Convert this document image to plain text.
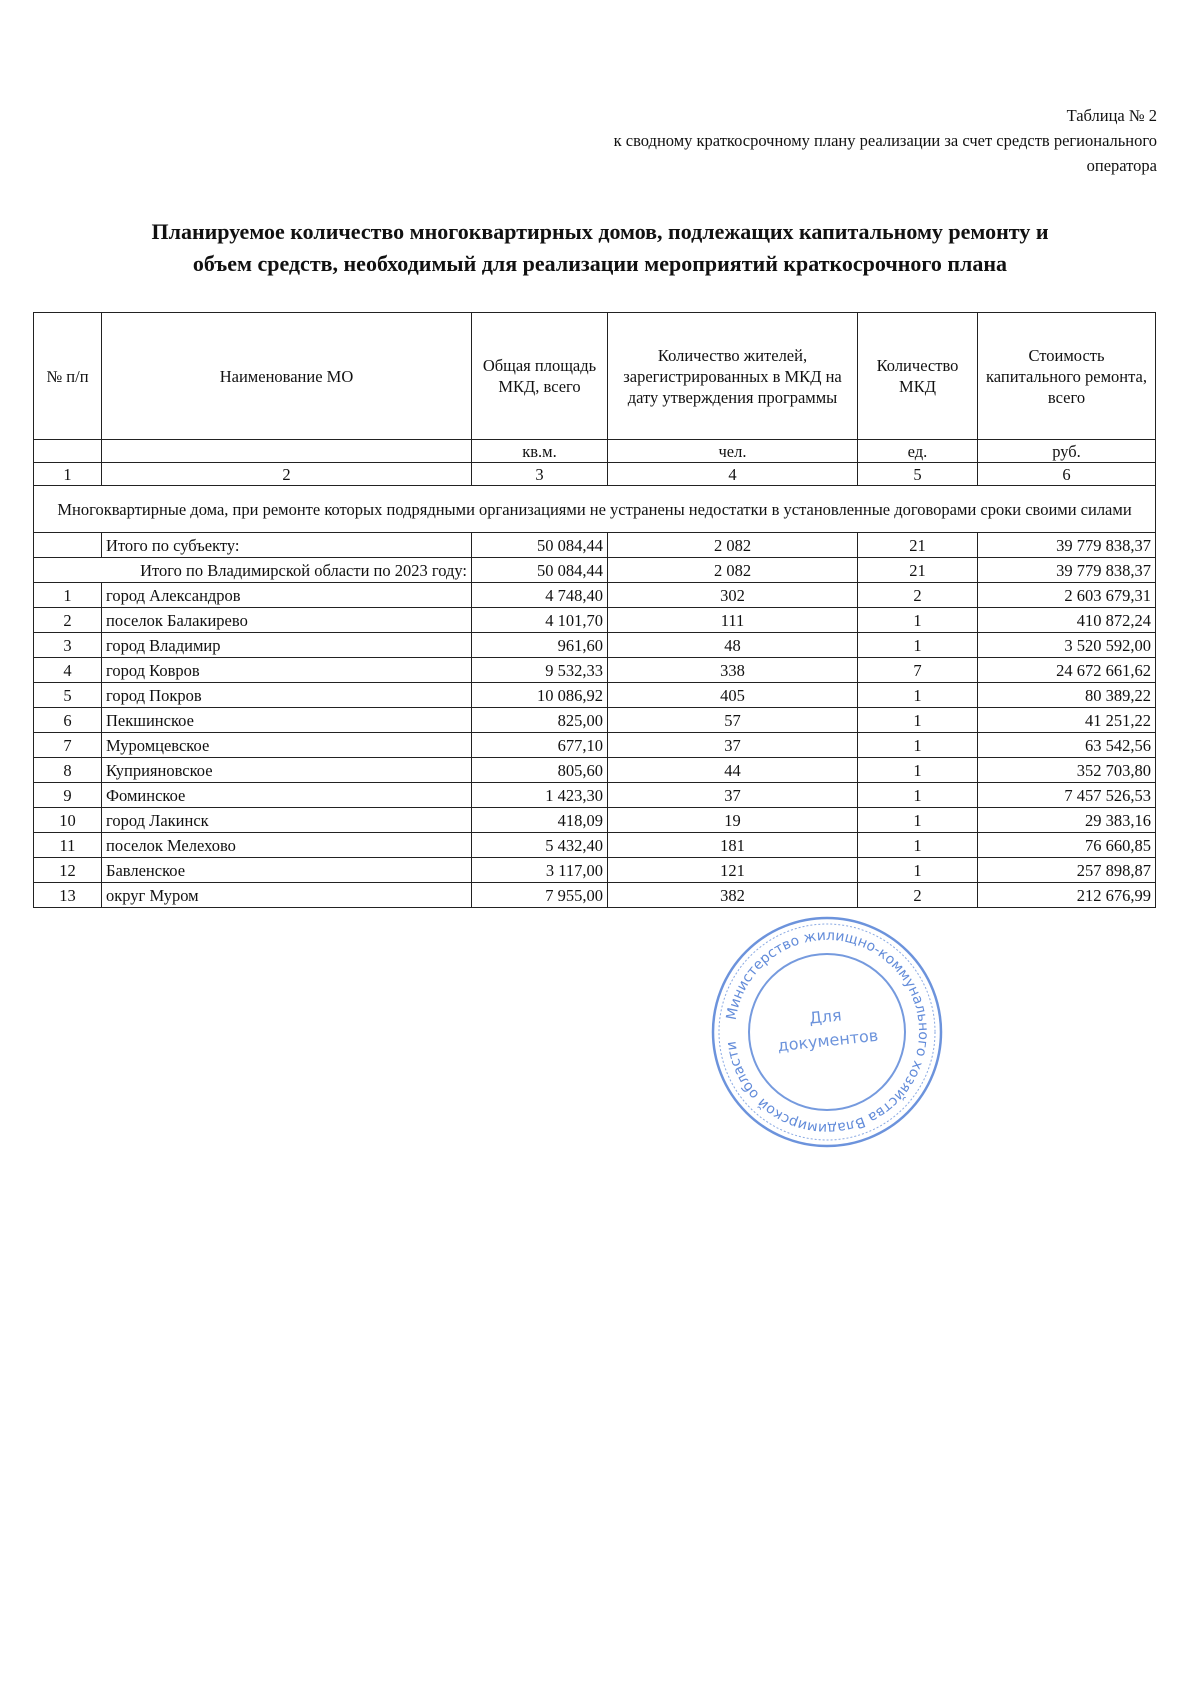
Таблица № 2
к сводному краткосрочному плану реализации за счет средств регионального
оператора
Планируемое количество многоквартирных домов, подлежащих капитальному ремонту и
объем средств, необходимый для реализации мероприятий краткосрочного плана
№ п/п	Наименование МО	Общая площадь МКД, всего	Количество жителей, зарегистрированных в МКД на дату утверждения программы	Количество МКД	Стоимость капитального ремонта, всего
		кв.м.	чел.	ед.	руб.
1	2	3	4	5	6
Многоквартирные дома, при ремонте которых подрядными организациями не устранены недостатки в установленные договорами сроки своими силами					
	Итого по субъекту:	50 084,44	2 082	21	39 779 838,37
Итого по Владимирской области по 2023 году:		50 084,44	2 082	21	39 779 838,37
1	город Александров	4 748,40	302	2	2 603 679,31
2	поселок Балакирево	4 101,70	111	1	410 872,24
3	город Владимир	961,60	48	1	3 520 592,00
4	город Ковров	9 532,33	338	7	24 672 661,62
5	город Покров	10 086,92	405	1	80 389,22
6	Пекшинское	825,00	57	1	41 251,22
7	Муромцевское	677,10	37	1	63 542,56
8	Куприяновское	805,60	44	1	352 703,80
9	Фоминское	1 423,30	37	1	7 457 526,53
10	город Лакинск	418,09	19	1	29 383,16
11	поселок Мелехово	5 432,40	181	1	76 660,85
12	Бавленское	3 117,00	121	1	257 898,87
13	округ Муром	7 955,00	382	2	212 676,99
Министерство жилищно-коммунального хозяйства Владимирской области
Для
документов
